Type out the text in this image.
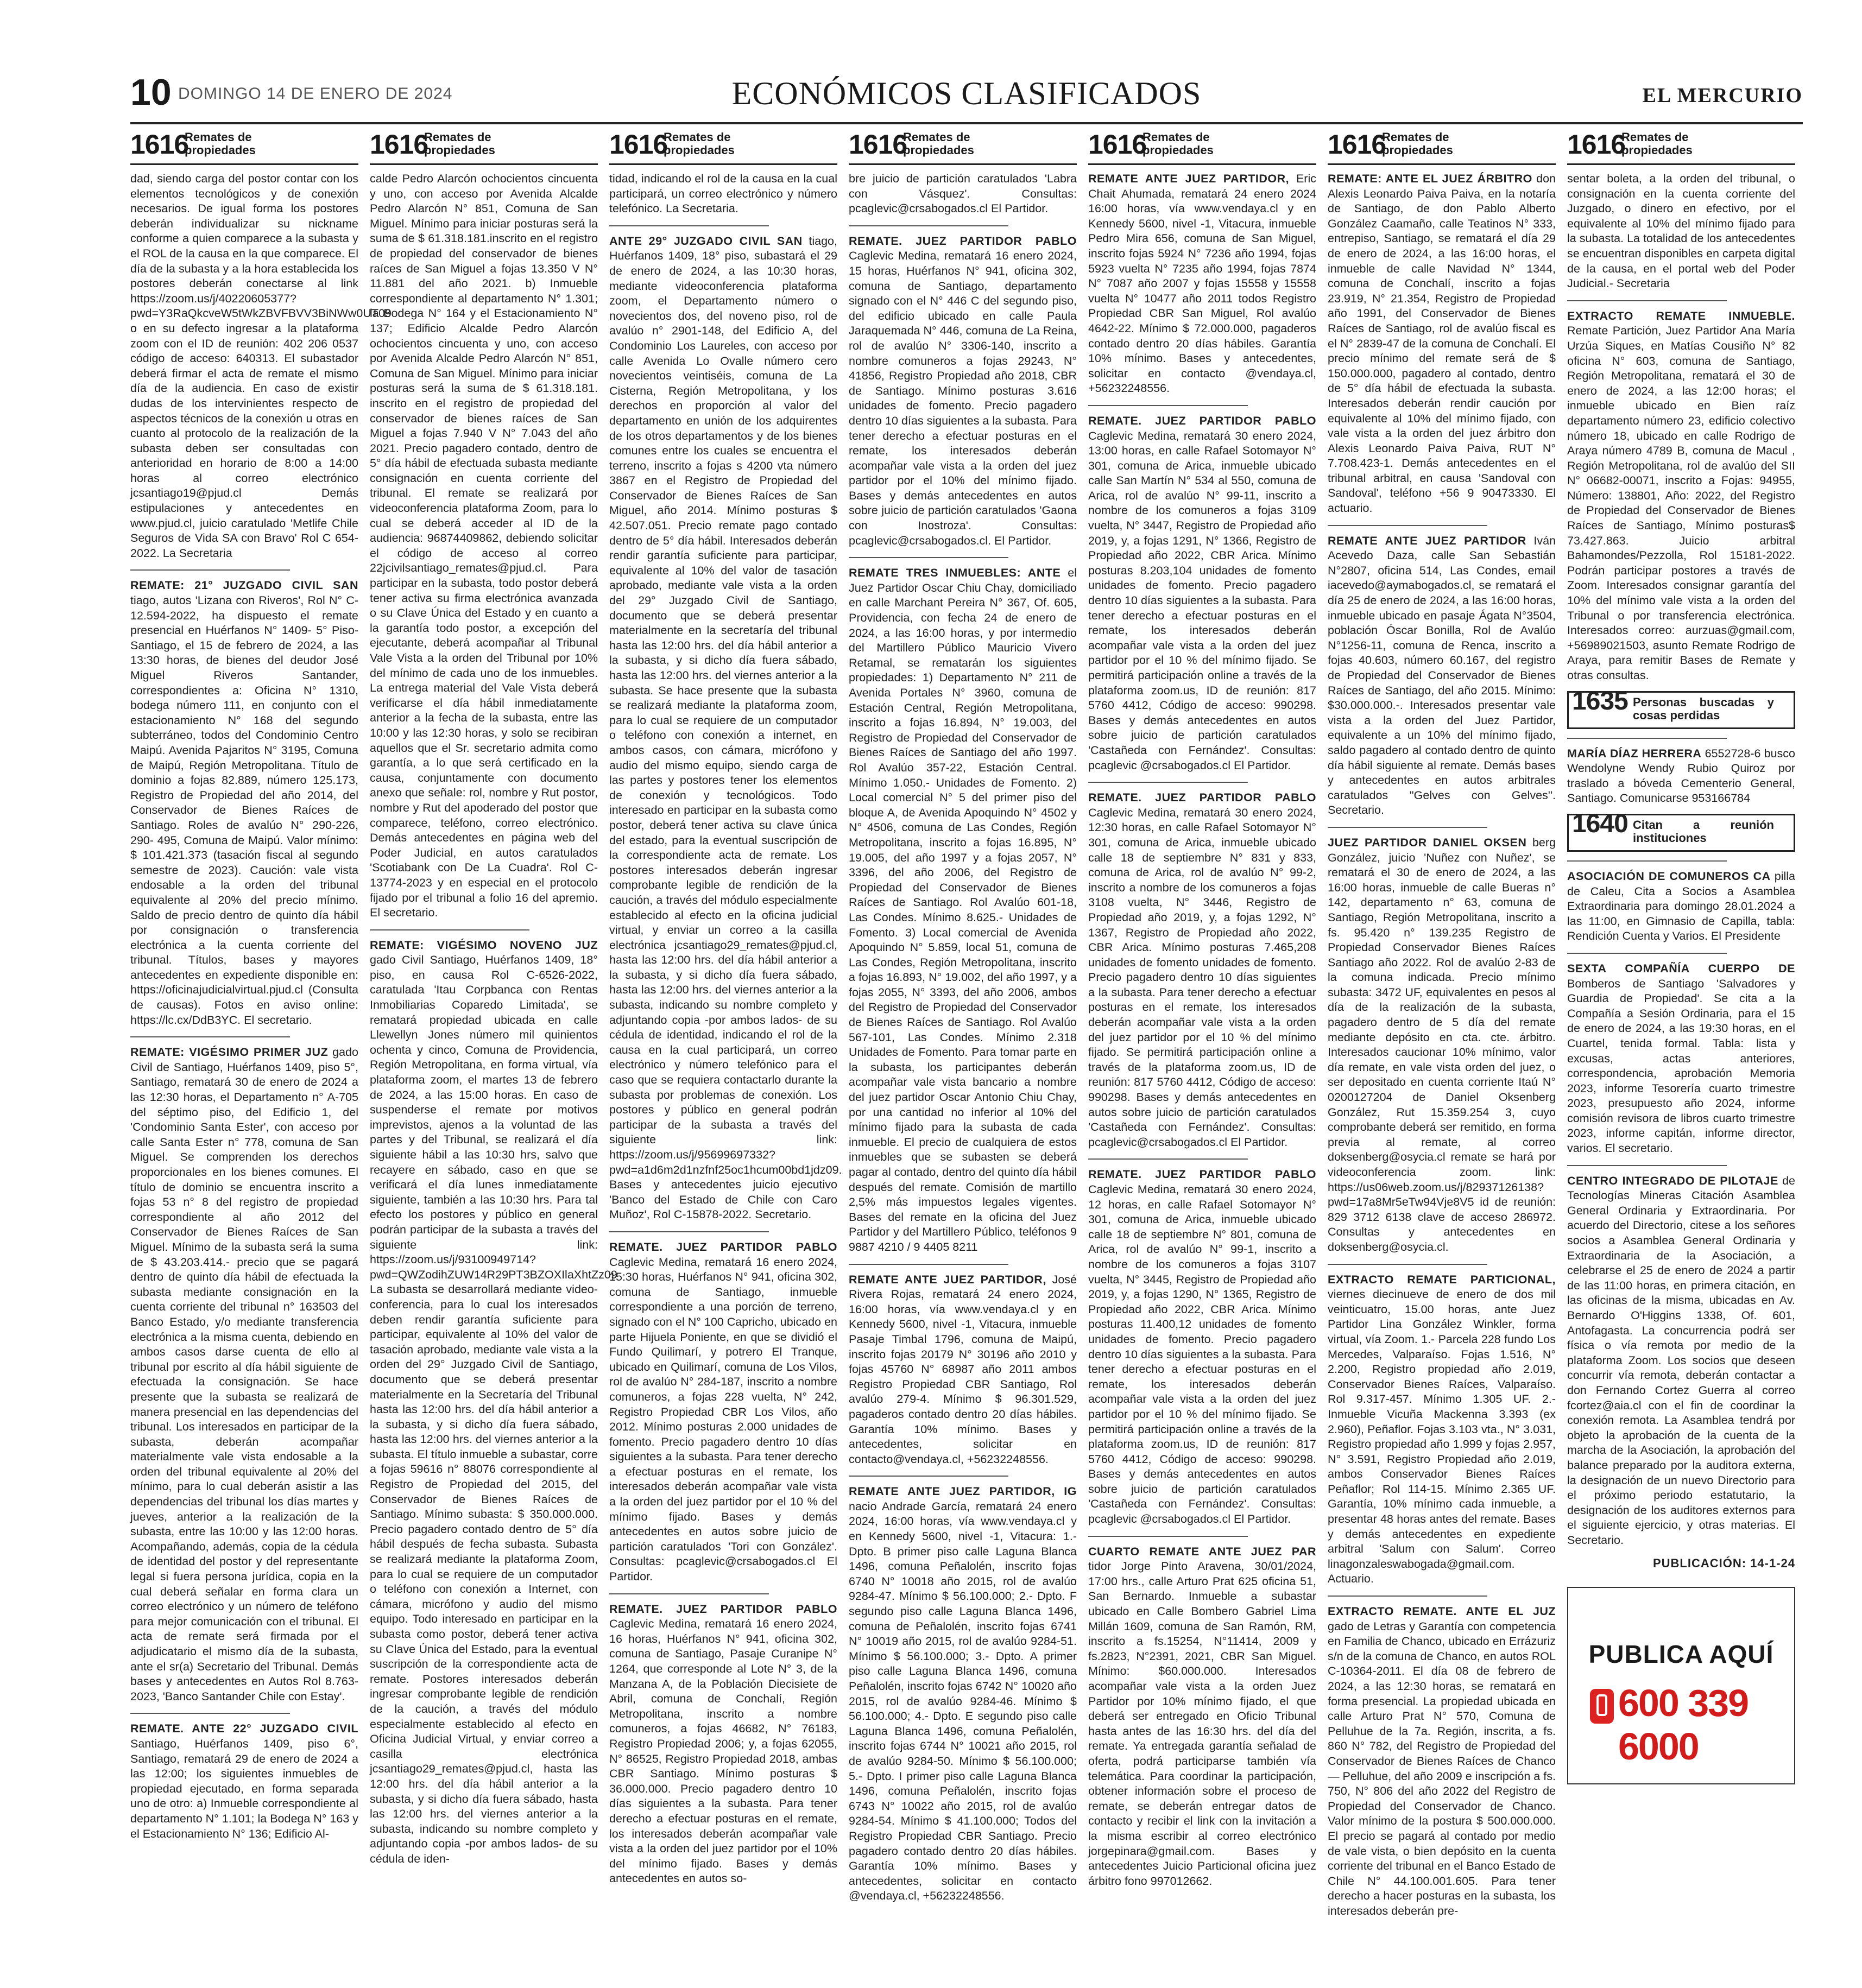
10 DOMINGO 14 DE ENERO DE 2024	ECONÓMICOS CLASIFICADOS	EL MERCURIO
1616
Remates de propiedades

dad, siendo carga del postor contar con los elementos tecnológicos y de conexión necesarios. De igual forma los postores deberán individualizar su nickname conforme a quien comparece a la subasta y el ROL de la causa en la que comparece. El día de la subasta y a la hora establecida los postores deberán conectarse al link https://zoom.us/j/40220605377?pwd=Y3RaQkcveW5tWkZBVFBVV3BiNWw0UT09 o en su defecto ingresar a la plataforma zoom con el ID de reunión: 402 206 0537 código de acceso: 640313. El subastador deberá firmar el acta de remate el mismo día de la audiencia. En caso de existir dudas de los intervinientes respecto de aspectos técnicos de la conexión u otras en cuanto al protocolo de la realización de la subasta deben ser consultadas con anterioridad en horario de 8:00 a 14:00 horas al correo electrónico jcsantiago19@pjud.cl Demás estipulaciones y antecedentes en www.pjud.cl, juicio caratulado 'Metlife Chile Seguros de Vida SA con Bravo' Rol C 654-2022. La Secretaria

REMATE: 21° JUZGADO CIVIL SAN tiago, autos 'Lizana con Riveros', Rol N° C-12.594-2022, ha dispuesto el remate presencial en Huérfanos N° 1409- 5° Piso- Santiago, el 15 de febrero de 2024, a las 13:30 horas, de bienes del deudor José Miguel Riveros Santander, correspondientes a: Oficina N° 1310, bodega número 111, en conjunto con el estacionamiento N° 168 del segundo subterráneo, todos del Condominio Centro Maipú. Avenida Pajaritos N° 3195, Comuna de Maipú, Región Metropolitana. Título de dominio a fojas 82.889, número 125.173, Registro de Propiedad del año 2014, del Conservador de Bienes Raíces de Santiago. Roles de avalúo N° 290-226, 290- 495, Comuna de Maipú. Valor mínimo: $ 101.421.373 (tasación fiscal al segundo semestre de 2023). Caución: vale vista endosable a la orden del tribunal equivalente al 20% del precio mínimo. Saldo de precio dentro de quinto día hábil por consignación o transferencia electrónica a la cuenta corriente del tribunal. Títulos, bases y mayores antecedentes en expediente disponible en: https://oficinajudicialvirtual.pjud.cl (Consulta de causas). Fotos en aviso online: https://lc.cx/DdB3YC. El secretario.

REMATE: VIGÉSIMO PRIMER JUZ gado Civil de Santiago, Huérfanos 1409, piso 5°, Santiago, rematará 30 de enero de 2024 a las 12:30 horas, el Departamento n° A-705 del séptimo piso, del Edificio 1, del 'Condominio Santa Ester', con acceso por calle Santa Ester n° 778, comuna de San Miguel. Se comprenden los derechos proporcionales en los bienes comunes. El título de dominio se encuentra inscrito a fojas 53 n° 8 del registro de propiedad correspondiente al año 2012 del Conservador de Bienes Raíces de San Miguel. Mínimo de la subasta será la suma de $ 43.203.414.- precio que se pagará dentro de quinto día hábil de efectuada la subasta mediante consignación en la cuenta corriente del tribunal n° 163503 del Banco Estado, y/o mediante transferencia electrónica a la misma cuenta, debiendo en ambos casos darse cuenta de ello al tribunal por escrito al día hábil siguiente de efectuada la consignación. Se hace presente que la subasta se realizará de manera presencial en las dependencias del tribunal. Los interesados en participar de la subasta, deberán acompañar materialmente vale vista endosable a la orden del tribunal equivalente al 20% del mínimo, para lo cual deberán asistir a las dependencias del tribunal los días martes y jueves, anterior a la realización de la subasta, entre las 10:00 y las 12:00 horas. Acompañando, además, copia de la cédula de identidad del postor y del representante legal si fuera persona jurídica, copia en la cual deberá señalar en forma clara un correo electrónico y un número de teléfono para mejor comunicación con el tribunal. El acta de remate será firmada por el adjudicatario el mismo día de la subasta, ante el sr(a) Secretario del Tribunal. Demás bases y antecedentes en Autos Rol 8.763-2023, 'Banco Santander Chile con Estay'.

REMATE. ANTE 22° JUZGADO CIVIL Santiago, Huérfanos 1409, piso 6°, Santiago, rematará 29 de enero de 2024 a las 12:00; los siguientes inmuebles de propiedad ejecutado, en forma separada uno de otro: a) Inmueble correspondiente al departamento N° 1.101; la Bodega N° 163 y el Estacionamiento N° 136; Edificio Al-

1616
Remates de propiedades

calde Pedro Alarcón ochocientos cincuenta y uno, con acceso por Avenida Alcalde Pedro Alarcón N° 851, Comuna de San Miguel. Mínimo para iniciar posturas será la suma de $ 61.318.181.inscrito en el registro de propiedad del conservador de bienes raíces de San Miguel a fojas 13.350 V N° 11.881 del año 2021. b) Inmueble correspondiente al departamento N° 1.301; la Bodega N° 164 y el Estacionamiento N° 137; Edificio Alcalde Pedro Alarcón ochocientos cincuenta y uno, con acceso por Avenida Alcalde Pedro Alarcón N° 851, Comuna de San Miguel. Mínimo para iniciar posturas será la suma de $ 61.318.181. inscrito en el registro de propiedad del conservador de bienes raíces de San Miguel a fojas 7.940 V N° 7.043 del año 2021. Precio pagadero contado, dentro de 5° día hábil de efectuada subasta mediante consignación en cuenta corriente del tribunal. El remate se realizará por videoconferencia plataforma Zoom, para lo cual se deberá acceder al ID de la audiencia: 96874409862, debiendo solicitar el código de acceso al correo 22jcivilsantiago_remates@pjud.cl. Para participar en la subasta, todo postor deberá tener activa su firma electrónica avanzada o su Clave Única del Estado y en cuanto a la garantía todo postor, a excepción del ejecutante, deberá acompañar al Tribunal Vale Vista a la orden del Tribunal por 10% del mínimo de cada uno de los inmuebles. La entrega material del Vale Vista deberá verificarse el día hábil inmediatamente anterior a la fecha de la subasta, entre las 10:00 y las 12:30 horas, y solo se recibiran aquellos que el Sr. secretario admita como garantía, a lo que será certificado en la causa, conjuntamente con documento anexo que señale: rol, nombre y Rut postor, nombre y Rut del apoderado del postor que comparece, teléfono, correo electrónico. Demás antecedentes en página web del Poder Judicial, en autos caratulados 'Scotiabank con De La Cuadra'. Rol C-13774-2023 y en especial en el protocolo fijado por el tribunal a folio 16 del apremio. El secretario.

REMATE: VIGÉSIMO NOVENO JUZ gado Civil Santiago, Huérfanos 1409, 18° piso, en causa Rol C-6526-2022, caratulada 'Itau Corpbanca con Rentas Inmobiliarias Coparedo Limitada', se rematará propiedad ubicada en calle Llewellyn Jones número mil quinientos ochenta y cinco, Comuna de Providencia, Región Metropolitana, en forma virtual, vía plataforma zoom, el martes 13 de febrero de 2024, a las 15:00 horas. En caso de suspenderse el remate por motivos imprevistos, ajenos a la voluntad de las partes y del Tribunal, se realizará el día siguiente hábil a las 10:30 hrs, salvo que recayere en sábado, caso en que se verificará el día lunes inmediatamente siguiente, también a las 10:30 hrs. Para tal efecto los postores y público en general podrán participar de la subasta a través del siguiente link: https://zoom.us/j/93100949714?pwd=QWZodihZUW14R29PT3BZOXIlaXhtZz09 La subasta se desarrollará mediante video-conferencia, para lo cual los interesados deben rendir garantía suficiente para participar, equivalente al 10% del valor de tasación aprobado, mediante vale vista a la orden del 29° Juzgado Civil de Santiago, documento que se deberá presentar materialmente en la Secretaría del Tribunal hasta las 12:00 hrs. del día hábil anterior a la subasta, y si dicho día fuera sábado, hasta las 12:00 hrs. del viernes anterior a la subasta. El título inmueble a subastar, corre a fojas 59616 n° 88076 correspondiente al Registro de Propiedad del 2015, del Conservador de Bienes Raíces de Santiago. Mínimo subasta: $ 350.000.000. Precio pagadero contado dentro de 5° día hábil después de fecha subasta. Subasta se realizará mediante la plataforma Zoom, para lo cual se requiere de un computador o teléfono con conexión a Internet, con cámara, micrófono y audio del mismo equipo. Todo interesado en participar en la subasta como postor, deberá tener activa su Clave Única del Estado, para la eventual suscripción de la correspondiente acta de remate. Postores interesados deberán ingresar comprobante legible de rendición de la caución, a través del módulo especialmente establecido al efecto en Oficina Judicial Virtual, y enviar correo a casilla electrónica jcsantiago29_remates@pjud.cl, hasta las 12:00 hrs. del día hábil anterior a la subasta, y si dicho día fuera sábado, hasta las 12:00 hrs. del viernes anterior a la subasta, indicando su nombre completo y adjuntando copia -por ambos lados- de su cédula de iden-

1616
Remates de propiedades

tidad, indicando el rol de la causa en la cual participará, un correo electrónico y número telefónico. La Secretaria.

ANTE 29° JUZGADO CIVIL SAN tiago, Huérfanos 1409, 18° piso, subastará el 29 de enero de 2024, a las 10:30 horas, mediante videoconferencia plataforma zoom, el Departamento número o novecientos dos, del noveno piso, rol de avalúo n° 2901-148, del Edificio A, del Condominio Los Laureles, con acceso por calle Avenida Lo Ovalle número cero novecientos veintiséis, comuna de La Cisterna, Región Metropolitana, y los derechos en proporción al valor del departamento en unión de los adquirentes de los otros departamentos y de los bienes comunes entre los cuales se encuentra el terreno, inscrito a fojas s 4200 vta número 3867 en el Registro de Propiedad del Conservador de Bienes Raíces de San Miguel, año 2014. Mínimo posturas $ 42.507.051. Precio remate pago contado dentro de 5° día hábil. Interesados deberán rendir garantía suficiente para participar, equivalente al 10% del valor de tasación aprobado, mediante vale vista a la orden del 29° Juzgado Civil de Santiago, documento que se deberá presentar materialmente en la secretaría del tribunal hasta las 12:00 hrs. del día hábil anterior a la subasta, y si dicho día fuera sábado, hasta las 12:00 hrs. del viernes anterior a la subasta. Se hace presente que la subasta se realizará mediante la plataforma zoom, para lo cual se requiere de un computador o teléfono con conexión a internet, en ambos casos, con cámara, micrófono y audio del mismo equipo, siendo carga de las partes y postores tener los elementos de conexión y tecnológicos. Todo interesado en participar en la subasta como postor, deberá tener activa su clave única del estado, para la eventual suscripción de la correspondiente acta de remate. Los postores interesados deberán ingresar comprobante legible de rendición de la caución, a través del módulo especialmente establecido al efecto en la oficina judicial virtual, y enviar un correo a la casilla electrónica jcsantiago29_remates@pjud.cl, hasta las 12:00 hrs. del día hábil anterior a la subasta, y si dicho día fuera sábado, hasta las 12:00 hrs. del viernes anterior a la subasta, indicando su nombre completo y adjuntando copia -por ambos lados- de su cédula de identidad, indicando el rol de la causa en la cual participará, un correo electrónico y número telefónico para el caso que se requiera contactarlo durante la subasta por problemas de conexión. Los postores y público en general podrán participar de la subasta a través del siguiente link: https://zoom.us/j/95699697332?pwd=a1d6m2d1nzfnf25oc1hcum00bd1jdz09. Bases y antecedentes juicio ejecutivo 'Banco del Estado de Chile con Caro Muñoz', Rol C-15878-2022. Secretario.

REMATE. JUEZ PARTIDOR PABLO Caglevic Medina, rematará 16 enero 2024, 15:30 horas, Huérfanos N° 941, oficina 302, comuna de Santiago, inmueble correspondiente a una porción de terreno, signado con el N° 100 Capricho, ubicado en parte Hijuela Poniente, en que se dividió el Fundo Quilimarí, y potrero El Tranque, ubicado en Quilimarí, comuna de Los Vilos, rol de avalúo N° 284-187, inscrito a nombre comuneros, a fojas 228 vuelta, N° 242, Registro Propiedad CBR Los Vilos, año 2012. Mínimo posturas 2.000 unidades de fomento. Precio pagadero dentro 10 días siguientes a la subasta. Para tener derecho a efectuar posturas en el remate, los interesados deberán acompañar vale vista a la orden del juez partidor por el 10 % del mínimo fijado. Bases y demás antecedentes en autos sobre juicio de partición caratulados 'Tori con González'. Consultas: pcaglevic@crsabogados.cl El Partidor.

REMATE. JUEZ PARTIDOR PABLO Caglevic Medina, rematará 16 enero 2024, 16 horas, Huérfanos N° 941, oficina 302, comuna de Santiago, Pasaje Curanipe N° 1264, que corresponde al Lote N° 3, de la Manzana A, de la Población Diecisiete de Abril, comuna de Conchalí, Región Metropolitana, inscrito a nombre comuneros, a fojas 46682, N° 76183, Registro Propiedad 2006; y, a fojas 62055, N° 86525, Registro Propiedad 2018, ambas CBR Santiago. Mínimo posturas $ 36.000.000. Precio pagadero dentro 10 días siguientes a la subasta. Para tener derecho a efectuar posturas en el remate, los interesados deberán acompañar vale vista a la orden del juez partidor por el 10% del mínimo fijado. Bases y demás antecedentes en autos so-

1616
Remates de propiedades

bre juicio de partición caratulados 'Labra con Vásquez'. Consultas: pcaglevic@crsabogados.cl El Partidor.

REMATE. JUEZ PARTIDOR PABLO Caglevic Medina, rematará 16 enero 2024, 15 horas, Huérfanos N° 941, oficina 302, comuna de Santiago, departamento signado con el N° 446 C del segundo piso, del edificio ubicado en calle Paula Jaraquemada N° 446, comuna de La Reina, rol de avalúo N° 3306-140, inscrito a nombre comuneros a fojas 29243, N° 41856, Registro Propiedad año 2018, CBR de Santiago. Mínimo posturas 3.616 unidades de fomento. Precio pagadero dentro 10 días siguientes a la subasta. Para tener derecho a efectuar posturas en el remate, los interesados deberán acompañar vale vista a la orden del juez partidor por el 10% del mínimo fijado. Bases y demás antecedentes en autos sobre juicio de partición caratulados 'Gaona con Inostroza'. Consultas: pcaglevic@crsabogados.cl. El Partidor.

REMATE TRES INMUEBLES: ANTE el Juez Partidor Oscar Chiu Chay, domiciliado en calle Marchant Pereira N° 367, Of. 605, Providencia, con fecha 24 de enero de 2024, a las 16:00 horas, y por intermedio del Martillero Público Mauricio Vivero Retamal, se rematarán los siguientes propiedades: 1) Departamento N° 211 de Avenida Portales N° 3960, comuna de Estación Central, Región Metropolitana, inscrito a fojas 16.894, N° 19.003, del Registro de Propiedad del Conservador de Bienes Raíces de Santiago del año 1997. Rol Avalúo 357-22, Estación Central. Mínimo 1.050.- Unidades de Fomento. 2) Local comercial N° 5 del primer piso del bloque A, de Avenida Apoquindo N° 4502 y N° 4506, comuna de Las Condes, Región Metropolitana, inscrito a fojas 16.895, N° 19.005, del año 1997 y a fojas 2057, N° 3396, del año 2006, del Registro de Propiedad del Conservador de Bienes Raíces de Santiago. Rol Avalúo 601-18, Las Condes. Mínimo 8.625.- Unidades de Fomento. 3) Local comercial de Avenida Apoquindo N° 5.859, local 51, comuna de Las Condes, Región Metropolitana, inscrito a fojas 16.893, N° 19.002, del año 1997, y a fojas 2055, N° 3393, del año 2006, ambos del Registro de Propiedad del Conservador de Bienes Raíces de Santiago. Rol Avalúo 567-101, Las Condes. Mínimo 2.318 Unidades de Fomento. Para tomar parte en la subasta, los participantes deberán acompañar vale vista bancario a nombre del juez partidor Oscar Antonio Chiu Chay, por una cantidad no inferior al 10% del mínimo fijado para la subasta de cada inmueble. El precio de cualquiera de estos inmuebles que se subasten se deberá pagar al contado, dentro del quinto día hábil después del remate. Comisión de martillo 2,5% más impuestos legales vigentes. Bases del remate en la oficina del Juez Partidor y del Martillero Público, teléfonos 9 9887 4210 / 9 4405 8211

REMATE ANTE JUEZ PARTIDOR, José Rivera Rojas, rematará 24 enero 2024, 16:00 horas, vía www.vendaya.cl y en Kennedy 5600, nivel -1, Vitacura, inmueble Pasaje Timbal 1796, comuna de Maipú, inscrito fojas 20179 N° 30196 año 2010 y fojas 45760 N° 68987 año 2011 ambos Registro Propiedad CBR Santiago, Rol avalúo 279-4. Mínimo $ 96.301.529, pagaderos contado dentro 20 días hábiles. Garantía 10% mínimo. Bases y antecedentes, solicitar en contacto@vendaya.cl, +56232248556.

REMATE ANTE JUEZ PARTIDOR, IG nacio Andrade García, rematará 24 enero 2024, 16:00 horas, vía www.vendaya.cl y en Kennedy 5600, nivel -1, Vitacura: 1.- Dpto. B primer piso calle Laguna Blanca 1496, comuna Peñalolén, inscrito fojas 6740 N° 10018 año 2015, rol de avalúo 9284-47. Mínimo $ 56.100.000; 2.- Dpto. F segundo piso calle Laguna Blanca 1496, comuna de Peñalolén, inscrito fojas 6741 N° 10019 año 2015, rol de avalúo 9284-51. Mínimo $ 56.100.000; 3.- Dpto. A primer piso calle Laguna Blanca 1496, comuna Peñalolén, inscrito fojas 6742 N° 10020 año 2015, rol de avalúo 9284-46. Mínimo $ 56.100.000; 4.- Dpto. E segundo piso calle Laguna Blanca 1496, comuna Peñalolén, inscrito fojas 6744 N° 10021 año 2015, rol de avalúo 9284-50. Mínimo $ 56.100.000; 5.- Dpto. I primer piso calle Laguna Blanca 1496, comuna Peñalolén, inscrito fojas 6743 N° 10022 año 2015, rol de avalúo 9284-54. Mínimo $ 41.100.000; Todos del Registro Propiedad CBR Santiago. Precio pagadero contado dentro 20 días hábiles. Garantía 10% mínimo. Bases y antecedentes, solicitar en contacto @vendaya.cl, +56232248556.

1616
Remates de propiedades

REMATE ANTE JUEZ PARTIDOR, Eric Chait Ahumada, rematará 24 enero 2024 16:00 horas, vía www.vendaya.cl y en Kennedy 5600, nivel -1, Vitacura, inmueble Pedro Mira 656, comuna de San Miguel, inscrito fojas 5924 N° 7236 año 1994, fojas 5923 vuelta N° 7235 año 1994, fojas 7874 N° 7087 año 2007 y fojas 15558 y 15558 vuelta N° 10477 año 2011 todos Registro Propiedad CBR San Miguel, Rol avalúo 4642-22. Mínimo $ 72.000.000, pagaderos contado dentro 20 días hábiles. Garantía 10% mínimo. Bases y antecedentes, solicitar en contacto @vendaya.cl, +56232248556.

REMATE. JUEZ PARTIDOR PABLO Caglevic Medina, rematará 30 enero 2024, 13:00 horas, en calle Rafael Sotomayor N° 301, comuna de Arica, inmueble ubicado calle San Martín N° 534 al 550, comuna de Arica, rol de avalúo N° 99-11, inscrito a nombre de los comuneros a fojas 3109 vuelta, N° 3447, Registro de Propiedad año 2019, y, a fojas 1291, N° 1366, Registro de Propiedad año 2022, CBR Arica. Mínimo posturas 8.203,104 unidades de fomento unidades de fomento. Precio pagadero dentro 10 días siguientes a la subasta. Para tener derecho a efectuar posturas en el remate, los interesados deberán acompañar vale vista a la orden del juez partidor por el 10 % del mínimo fijado. Se permitirá participación online a través de la plataforma zoom.us, ID de reunión: 817 5760 4412, Código de acceso: 990298. Bases y demás antecedentes en autos sobre juicio de partición caratulados 'Castañeda con Fernández'. Consultas: pcaglevic @crsabogados.cl El Partidor.

REMATE. JUEZ PARTIDOR PABLO Caglevic Medina, rematará 30 enero 2024, 12:30 horas, en calle Rafael Sotomayor N° 301, comuna de Arica, inmueble ubicado calle 18 de septiembre N° 831 y 833, comuna de Arica, rol de avalúo N° 99-2, inscrito a nombre de los comuneros a fojas 3108 vuelta, N° 3446, Registro de Propiedad año 2019, y, a fojas 1292, N° 1367, Registro de Propiedad año 2022, CBR Arica. Mínimo posturas 7.465,208 unidades de fomento unidades de fomento. Precio pagadero dentro 10 días siguientes a la subasta. Para tener derecho a efectuar posturas en el remate, los interesados deberán acompañar vale vista a la orden del juez partidor por el 10 % del mínimo fijado. Se permitirá participación online a través de la plataforma zoom.us, ID de reunión: 817 5760 4412, Código de acceso: 990298. Bases y demás antecedentes en autos sobre juicio de partición caratulados 'Castañeda con Fernández'. Consultas: pcaglevic@crsabogados.cl El Partidor.

REMATE. JUEZ PARTIDOR PABLO Caglevic Medina, rematará 30 enero 2024, 12 horas, en calle Rafael Sotomayor N° 301, comuna de Arica, inmueble ubicado calle 18 de septiembre N° 801, comuna de Arica, rol de avalúo N° 99-1, inscrito a nombre de los comuneros a fojas 3107 vuelta, N° 3445, Registro de Propiedad año 2019, y, a fojas 1290, N° 1365, Registro de Propiedad año 2022, CBR Arica. Mínimo posturas 11.400,12 unidades de fomento unidades de fomento. Precio pagadero dentro 10 días siguientes a la subasta. Para tener derecho a efectuar posturas en el remate, los interesados deberán acompañar vale vista a la orden del juez partidor por el 10 % del mínimo fijado. Se permitirá participación online a través de la plataforma zoom.us, ID de reunión: 817 5760 4412, Código de acceso: 990298. Bases y demás antecedentes en autos sobre juicio de partición caratulados 'Castañeda con Fernández'. Consultas: pcaglevic @crsabogados.cl El Partidor.

CUARTO REMATE ANTE JUEZ PAR tidor Jorge Pinto Aravena, 30/01/2024, 17:00 hrs., calle Arturo Prat 625 oficina 51, San Bernardo. Inmueble a subastar ubicado en Calle Bombero Gabriel Lima Millán 1609, comuna de San Ramón, RM, inscrito a fs.15254, N°11414, 2009 y fs.2823, N°2391, 2021, CBR San Miguel. Mínimo: $60.000.000. Interesados acompañar vale vista a la orden Juez Partidor por 10% mínimo fijado, el que deberá ser entregado en Oficio Tribunal hasta antes de las 16:30 hrs. del día del remate. Ya entregada garantía señalad de oferta, podrá participarse también vía telemática. Para coordinar la participación, obtener información sobre el proceso de remate, se deberán entregar datos de contacto y recibir el link con la invitación a la misma escribir al correo electrónico jorgepinara@gmail.com. Bases y antecedentes Juicio Particional oficina juez árbitro fono 997012662.

1616
Remates de propiedades

REMATE: ANTE EL JUEZ ÁRBITRO don Alexis Leonardo Paiva Paiva, en la notaría de Santiago, de don Pablo Alberto González Caamaño, calle Teatinos N° 333, entrepiso, Santiago, se rematará el día 29 de enero de 2024, a las 16:00 horas, el inmueble de calle Navidad N° 1344, comuna de Conchalí, inscrito a fojas 23.919, N° 21.354, Registro de Propiedad año 1991, del Conservador de Bienes Raíces de Santiago, rol de avalúo fiscal es el N° 2839-47 de la comuna de Conchalí. El precio mínimo del remate será de $ 150.000.000, pagadero al contado, dentro de 5° día hábil de efectuada la subasta. Interesados deberán rendir caución por equivalente al 10% del mínimo fijado, con vale vista a la orden del juez árbitro don Alexis Leonardo Paiva Paiva, RUT N° 7.708.423-1. Demás antecedentes en el tribunal arbitral, en causa 'Sandoval con Sandoval', teléfono +56 9 90473330. El actuario.

REMATE ANTE JUEZ PARTIDOR Iván Acevedo Daza, calle San Sebastián N°2807, oficina 514, Las Condes, email iacevedo@aymabogados.cl, se rematará el día 25 de enero de 2024, a las 16:00 horas, inmueble ubicado en pasaje Ágata N°3504, población Óscar Bonilla, Rol de Avalúo N°1256-11, comuna de Renca, inscrito a fojas 40.603, número 60.167, del registro de Propiedad del Conservador de Bienes Raíces de Santiago, del año 2015. Mínimo: $30.000.000.-. Interesados presentar vale vista a la orden del Juez Partidor, equivalente a un 10% del mínimo fijado, saldo pagadero al contado dentro de quinto día hábil siguiente al remate. Demás bases y antecedentes en autos arbitrales caratulados ''Gelves con Gelves''. Secretario.

JUEZ PARTIDOR DANIEL OKSEN berg González, juicio 'Nuñez con Nuñez', se rematará el 30 de enero de 2024, a las 16:00 horas, inmueble de calle Bueras n° 142, departamento n° 63, comuna de Santiago, Región Metropolitana, inscrito a fs. 95.420 n° 139.235 Registro de Propiedad Conservador Bienes Raíces Santiago año 2022. Rol de avalúo 2-83 de la comuna indicada. Precio mínimo subasta: 3472 UF, equivalentes en pesos al día de la realización de la subasta, pagadero dentro de 5 día del remate mediante depósito en cta. cte. árbitro. Interesados caucionar 10% mínimo, valor día remate, en vale vista orden del juez, o ser depositado en cuenta corriente Itaú N° 0200127204 de Daniel Oksenberg González, Rut 15.359.254 3, cuyo comprobante deberá ser remitido, en forma previa al remate, al correo doksenberg@osycia.cl remate se hará por videoconferencia zoom. link: https://us06web.zoom.us/j/82937126138?pwd=17a8Mr5eTw94Vje8V5 id de reunión: 829 3712 6138 clave de acceso 286972. Consultas y antecedentes en doksenberg@osycia.cl.

EXTRACTO REMATE PARTICIONAL, viernes diecinueve de enero de dos mil veinticuatro, 15.00 horas, ante Juez Partidor Lina González Winkler, forma virtual, vía Zoom. 1.- Parcela 228 fundo Los Mercedes, Valparaíso. Fojas 1.516, N° 2.200, Registro propiedad año 2.019, Conservador Bienes Raíces, Valparaíso. Rol 9.317-457. Mínimo 1.305 UF. 2.- Inmueble Vicuña Mackenna 3.393 (ex 2.960), Peñaflor. Fojas 3.103 vta., N° 3.031, Registro propiedad año 1.999 y fojas 2.957, N° 3.591, Registro Propiedad año 2.019, ambos Conservador Bienes Raíces Peñaflor; Rol 114-15. Mínimo 2.365 UF. Garantía, 10% mínimo cada inmueble, a presentar 48 horas antes del remate. Bases y demás antecedentes en expediente arbitral 'Salum con Salum'. Correo linagonzaleswabogada@gmail.com. Actuario.

EXTRACTO REMATE. ANTE EL JUZ gado de Letras y Garantía con competencia en Familia de Chanco, ubicado en Errázuriz s/n de la comuna de Chanco, en autos ROL C-10364-2011. El día 08 de febrero de 2024, a las 12:30 horas, se rematará en forma presencial. La propiedad ubicada en calle Arturo Prat N° 570, Comuna de Pelluhue de la 7a. Región, inscrita, a fs. 860 N° 782, del Registro de Propiedad del Conservador de Bienes Raíces de Chanco — Pelluhue, del año 2009 e inscripción a fs. 750, N° 806 del año 2022 del Registro de Propiedad del Conservador de Chanco. Valor mínimo de la postura $ 500.000.000. El precio se pagará al contado por medio de vale vista, o bien depósito en la cuenta corriente del tribunal en el Banco Estado de Chile N° 44.100.001.605. Para tener derecho a hacer posturas en la subasta, los interesados deberán pre-

1616
Remates de propiedades

sentar boleta, a la orden del tribunal, o consignación en la cuenta corriente del Juzgado, o dinero en efectivo, por el equivalente al 10% del mínimo fijado para la subasta. La totalidad de los antecedentes se encuentran disponibles en carpeta digital de la causa, en el portal web del Poder Judicial.- Secretaria

EXTRACTO REMATE INMUEBLE. Remate Partición, Juez Partidor Ana María Urzúa Siques, en Matías Cousiño N° 82 oficina N° 603, comuna de Santiago, Región Metropolitana, rematará el 30 de enero de 2024, a las 12:00 horas; el inmueble ubicado en Bien raíz departamento número 23, edificio colectivo número 18, ubicado en calle Rodrigo de Araya número 4789 B, comuna de Macul , Región Metropolitana, rol de avalúo del SII N° 06682-00071, inscrito a Fojas: 94955, Número: 138801, Año: 2022, del Registro de Propiedad del Conservador de Bienes Raíces de Santiago, Mínimo posturas$ 73.427.863. Juicio arbitral Bahamondes/Pezzolla, Rol 15181-2022. Podrán participar postores a través de Zoom. Interesados consignar garantía del 10% del mínimo vale vista a la orden del Tribunal o por transferencia electrónica. Interesados correo: aurzuas@gmail.com, +56989021503, asunto Remate Rodrigo de Araya, para remitir Bases de Remate y otras consultas.

1635 Personas buscadas y cosas perdidas

MARÍA DÍAZ HERRERA 6552728-6 busco Wendolyne Wendy Rubio Quiroz por traslado a bóveda Cementerio General, Santiago. Comunicarse 953166784

1640 Citan a reunión instituciones

ASOCIACIÓN DE COMUNEROS CA pilla de Caleu, Cita a Socios a Asamblea Extraordinaria para domingo 28.01.2024 a las 11:00, en Gimnasio de Capilla, tabla: Rendición Cuenta y Varios. El Presidente

SEXTA COMPAÑÍA CUERPO DE Bomberos de Santiago 'Salvadores y Guardia de Propiedad'. Se cita a la Compañía a Sesión Ordinaria, para el 15 de enero de 2024, a las 19:30 horas, en el Cuartel, tenida formal. Tabla: lista y excusas, actas anteriores, correspondencia, aprobación Memoria 2023, informe Tesorería cuarto trimestre 2023, presupuesto año 2024, informe comisión revisora de libros cuarto trimestre 2023, informe capitán, informe director, varios. El secretario.

CENTRO INTEGRADO DE PILOTAJE de Tecnologías Mineras Citación Asamblea General Ordinaria y Extraordinaria. Por acuerdo del Directorio, citese a los señores socios a Asamblea General Ordinaria y Extraordinaria de la Asociación, a celebrarse el 25 de enero de 2024 a partir de las 11:00 horas, en primera citación, en las oficinas de la misma, ubicadas en Av. Bernardo O'Higgins 1338, Of. 601, Antofagasta. La concurrencia podrá ser física o vía remota por medio de la plataforma Zoom. Los socios que deseen concurrir vía remota, deberán contactar a don Fernando Cortez Guerra al correo fcortez@aia.cl con el fin de coordinar la conexión remota. La Asamblea tendrá por objeto la aprobación de la cuenta de la marcha de la Asociación, la aprobación del balance preparado por la auditora externa, la designación de un nuevo Directorio para el próximo periodo estatutario, la designación de los auditores externos para el siguiente ejercicio, y otras materias. El Secretario.

PUBLICACIÓN: 14-1-24
PUBLICA AQUÍ
600 339 6000
